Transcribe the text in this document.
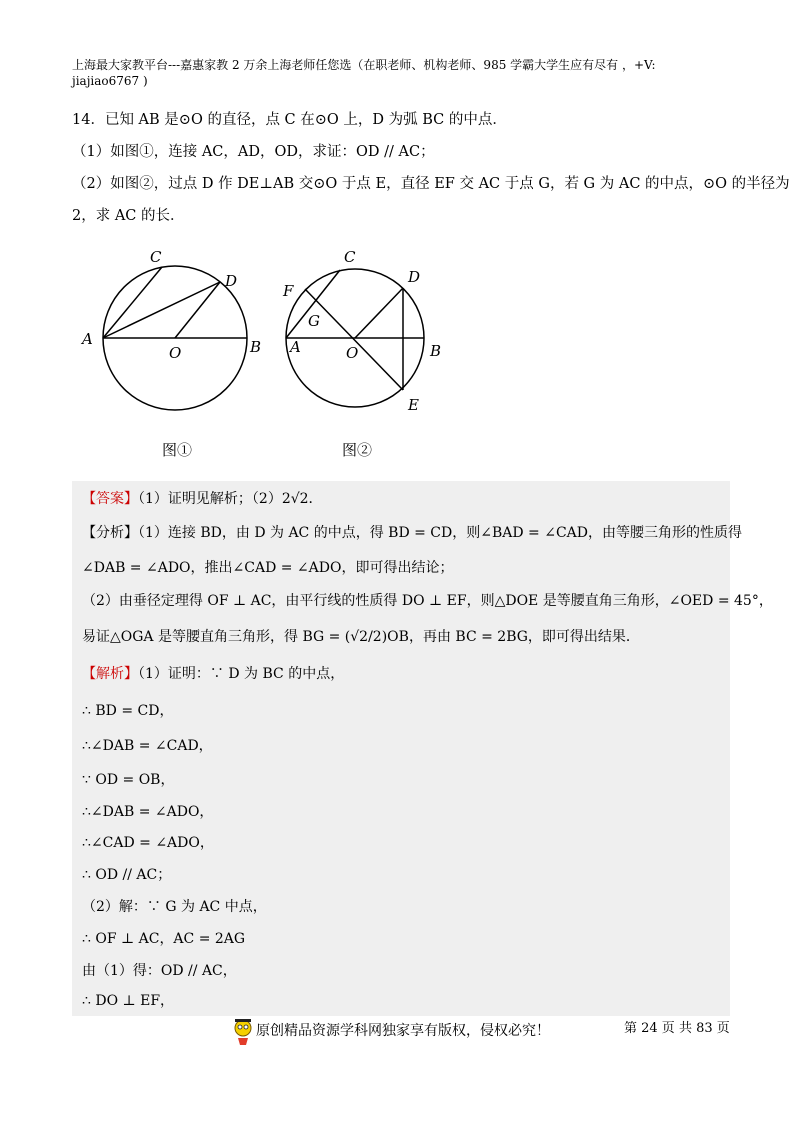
上海最大家教平台---嘉惠家教 2 万余上海老师任您选（在职老师、机构老师、985 学霸大学生应有尽有 ，+V:
jiajiao6767 )
14．已知 AB 是⊙O 的直径，点 C 在⊙O 上，D 为弧 BC 的中点．
（1）如图①，连接 AC，AD，OD，求证：OD // AC；
（2）如图②，过点 D 作 DE⊥AB 交⊙O 于点 E，直径 EF 交 AC 于点 G，若 G 为 AC 的中点，⊙O 的半径为
2，求 AC 的长．
A	B
C
D
O
图①
A	B
C
D
O
E
F
G
图②
【答案】（1）证明见解析；（2）2√2．
【分析】（1）连接 BD，由 D 为 AC 的中点，得 BD = CD，则∠BAD = ∠CAD，由等腰三角形的性质得
∠DAB = ∠ADO，推出∠CAD = ∠ADO，即可得出结论；
（2）由垂径定理得 OF ⊥ AC，由平行线的性质得 DO ⊥ EF，则△DOE 是等腰直角三角形，∠OED = 45°，
易证△OGA 是等腰直角三角形，得 BG = (√2/2)OB，再由 BC = 2BG，即可得出结果．
【解析】（1）证明：∵ D 为 BC 的中点，
∴ BD = CD，
∴∠DAB = ∠CAD，
∵ OD = OB，
∴∠DAB = ∠ADO，
∴∠CAD = ∠ADO，
∴ OD // AC；
（2）解：∵ G 为 AC 中点，
∴ OF ⊥ AC，AC = 2AG
由（1）得：OD // AC，
∴ DO ⊥ EF，
原创精品资源学科网独家享有版权，侵权必究！	第 24 页 共 83 页
